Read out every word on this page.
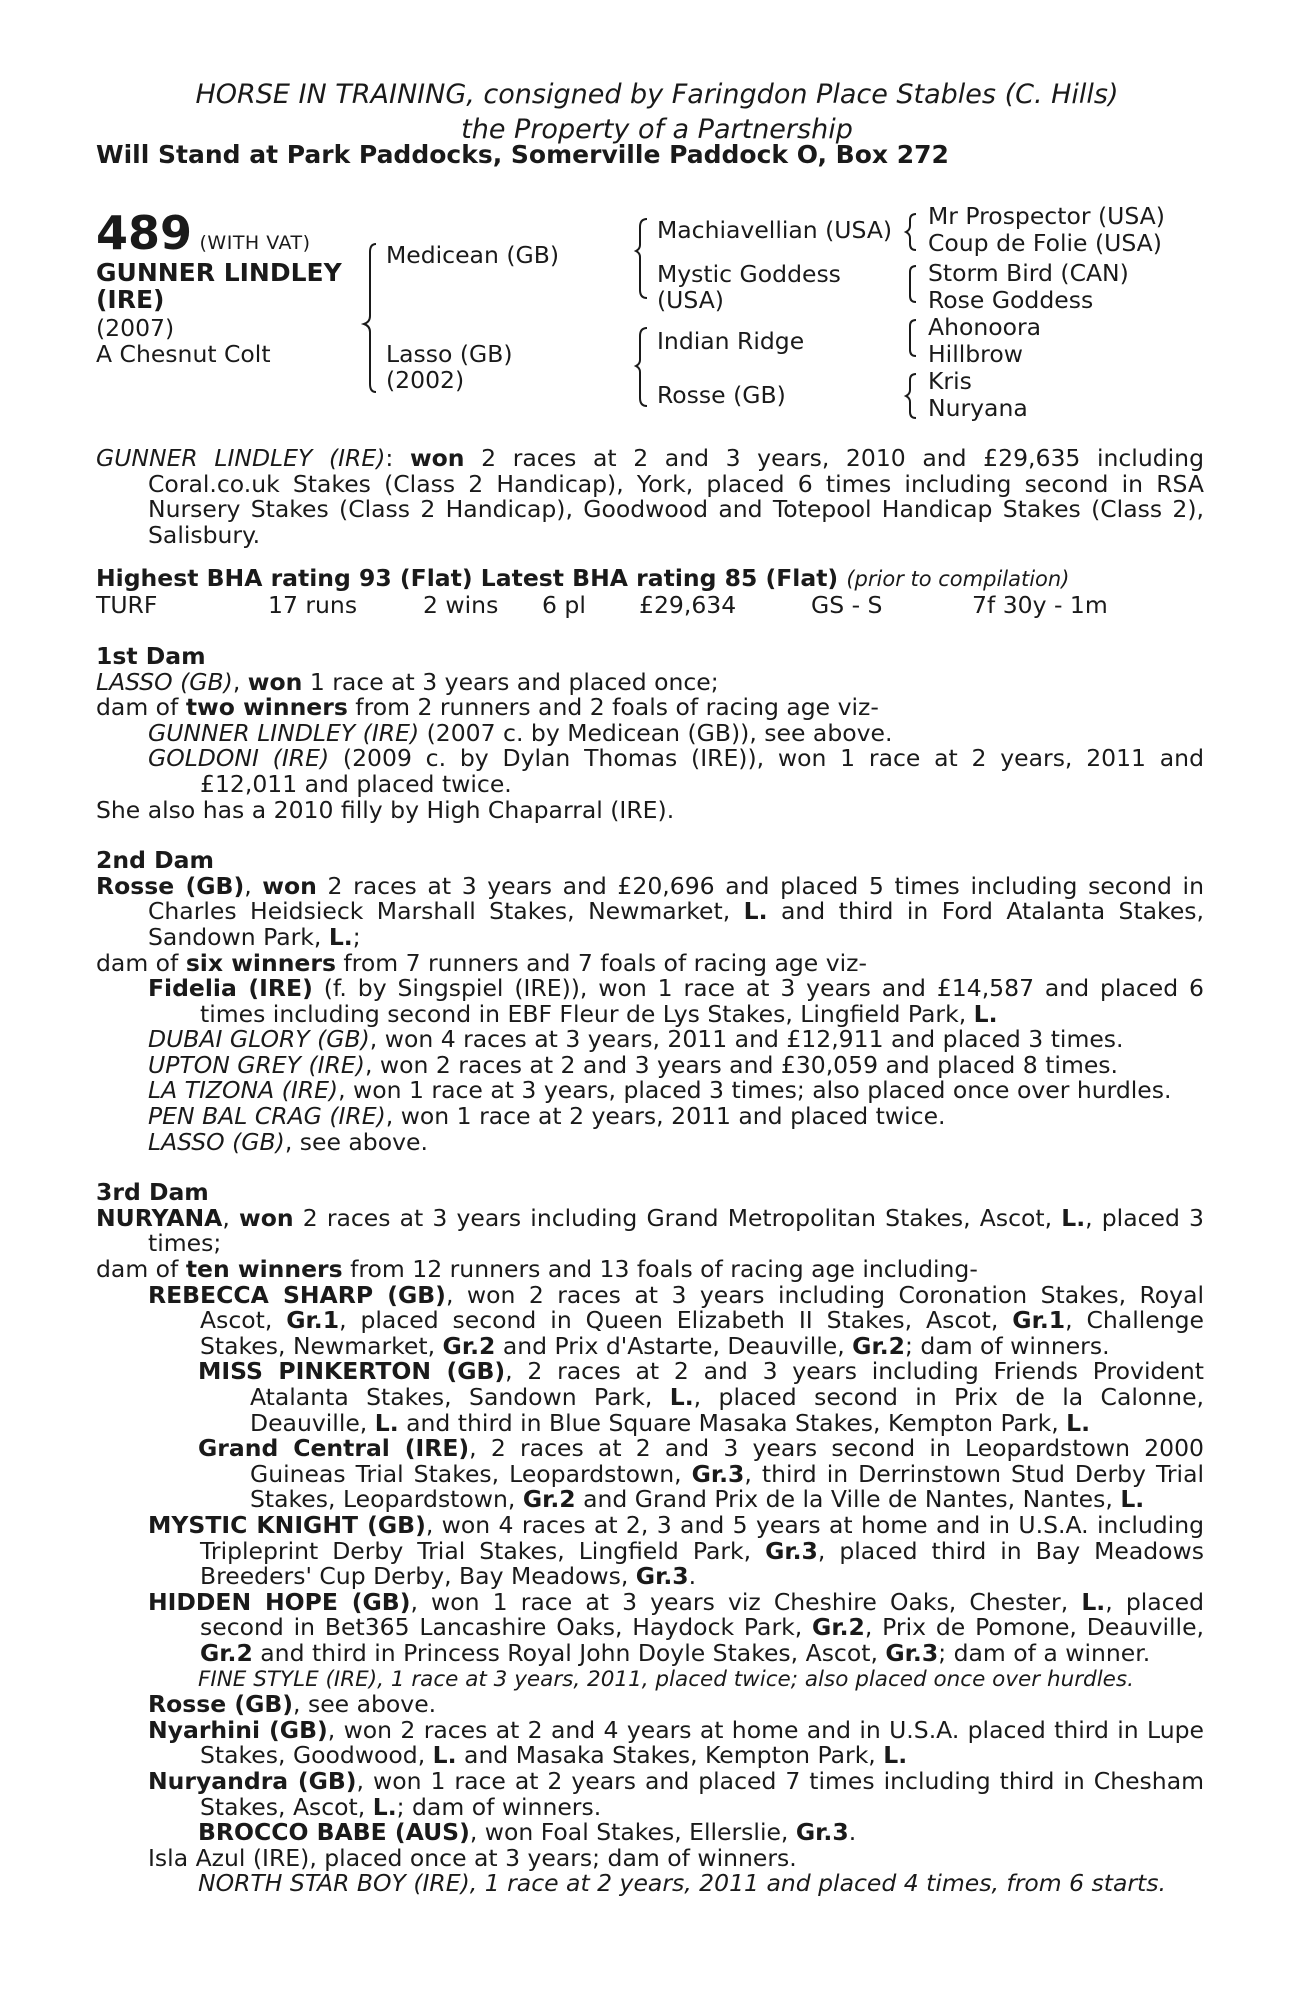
HORSE IN TRAINING, consigned by Faringdon Place Stables (C. Hills)
the Property of a Partnership
Will Stand at Park Paddocks, Somerville Paddock O, Box 272
489 (WITH VAT)
GUNNER LINDLEY
(IRE)
(2007)
A Chesnut Colt
Medicean (GB)
Lasso (GB)
(2002)
Machiavellian (USA)
Mystic Goddess
(USA)
Indian Ridge
Rosse (GB)
Mr Prospector (USA)
Coup de Folie (USA)
Storm Bird (CAN)
Rose Goddess
Ahonoora
Hillbrow
Kris
Nuryana
GUNNER LINDLEY (IRE): won 2 races at 2 and 3 years, 2010 and £29,635 including Coral.co.uk Stakes (Class 2 Handicap), York, placed 6 times including second in RSA Nursery Stakes (Class 2 Handicap), Goodwood and Totepool Handicap Stakes (Class 2), Salisbury.
Highest BHA rating 93 (Flat) Latest BHA rating 85 (Flat) (prior to compilation)
TURF	17 runs	2 wins 6 pl £29,634	GS - S	7f 30y - 1m
1st Dam
LASSO (GB), won 1 race at 3 years and placed once;
dam of two winners from 2 runners and 2 foals of racing age viz-
GUNNER LINDLEY (IRE) (2007 c. by Medicean (GB)), see above.
GOLDONI (IRE) (2009 c. by Dylan Thomas (IRE)), won 1 race at 2 years, 2011 and £12,011 and placed twice.
She also has a 2010 filly by High Chaparral (IRE).
2nd Dam
Rosse (GB), won 2 races at 3 years and £20,696 and placed 5 times including second in Charles Heidsieck Marshall Stakes, Newmarket, L. and third in Ford Atalanta Stakes, Sandown Park, L.;
dam of six winners from 7 runners and 7 foals of racing age viz-
Fidelia (IRE) (f. by Singspiel (IRE)), won 1 race at 3 years and £14,587 and placed 6 times including second in EBF Fleur de Lys Stakes, Lingfield Park, L.
DUBAI GLORY (GB), won 4 races at 3 years, 2011 and £12,911 and placed 3 times.
UPTON GREY (IRE), won 2 races at 2 and 3 years and £30,059 and placed 8 times.
LA TIZONA (IRE), won 1 race at 3 years, placed 3 times; also placed once over hurdles.
PEN BAL CRAG (IRE), won 1 race at 2 years, 2011 and placed twice.
LASSO (GB), see above.
3rd Dam
NURYANA, won 2 races at 3 years including Grand Metropolitan Stakes, Ascot, L., placed 3 times;
dam of ten winners from 12 runners and 13 foals of racing age including-
REBECCA SHARP (GB), won 2 races at 3 years including Coronation Stakes, Royal Ascot, Gr.1, placed second in Queen Elizabeth II Stakes, Ascot, Gr.1, Challenge Stakes, Newmarket, Gr.2 and Prix d'Astarte, Deauville, Gr.2; dam of winners.
MISS PINKERTON (GB), 2 races at 2 and 3 years including Friends Provident Atalanta Stakes, Sandown Park, L., placed second in Prix de la Calonne, Deauville, L. and third in Blue Square Masaka Stakes, Kempton Park, L.
Grand Central (IRE), 2 races at 2 and 3 years second in Leopardstown 2000 Guineas Trial Stakes, Leopardstown, Gr.3, third in Derrinstown Stud Derby Trial Stakes, Leopardstown, Gr.2 and Grand Prix de la Ville de Nantes, Nantes, L.
MYSTIC KNIGHT (GB), won 4 races at 2, 3 and 5 years at home and in U.S.A. including Tripleprint Derby Trial Stakes, Lingfield Park, Gr.3, placed third in Bay Meadows Breeders' Cup Derby, Bay Meadows, Gr.3.
HIDDEN HOPE (GB), won 1 race at 3 years viz Cheshire Oaks, Chester, L., placed second in Bet365 Lancashire Oaks, Haydock Park, Gr.2, Prix de Pomone, Deauville, Gr.2 and third in Princess Royal John Doyle Stakes, Ascot, Gr.3; dam of a winner.
FINE STYLE (IRE), 1 race at 3 years, 2011, placed twice; also placed once over hurdles.
Rosse (GB), see above.
Nyarhini (GB), won 2 races at 2 and 4 years at home and in U.S.A. placed third in Lupe Stakes, Goodwood, L. and Masaka Stakes, Kempton Park, L.
Nuryandra (GB), won 1 race at 2 years and placed 7 times including third in Chesham Stakes, Ascot, L.; dam of winners.
BROCCO BABE (AUS), won Foal Stakes, Ellerslie, Gr.3.
Isla Azul (IRE), placed once at 3 years; dam of winners.
NORTH STAR BOY (IRE), 1 race at 2 years, 2011 and placed 4 times, from 6 starts.
